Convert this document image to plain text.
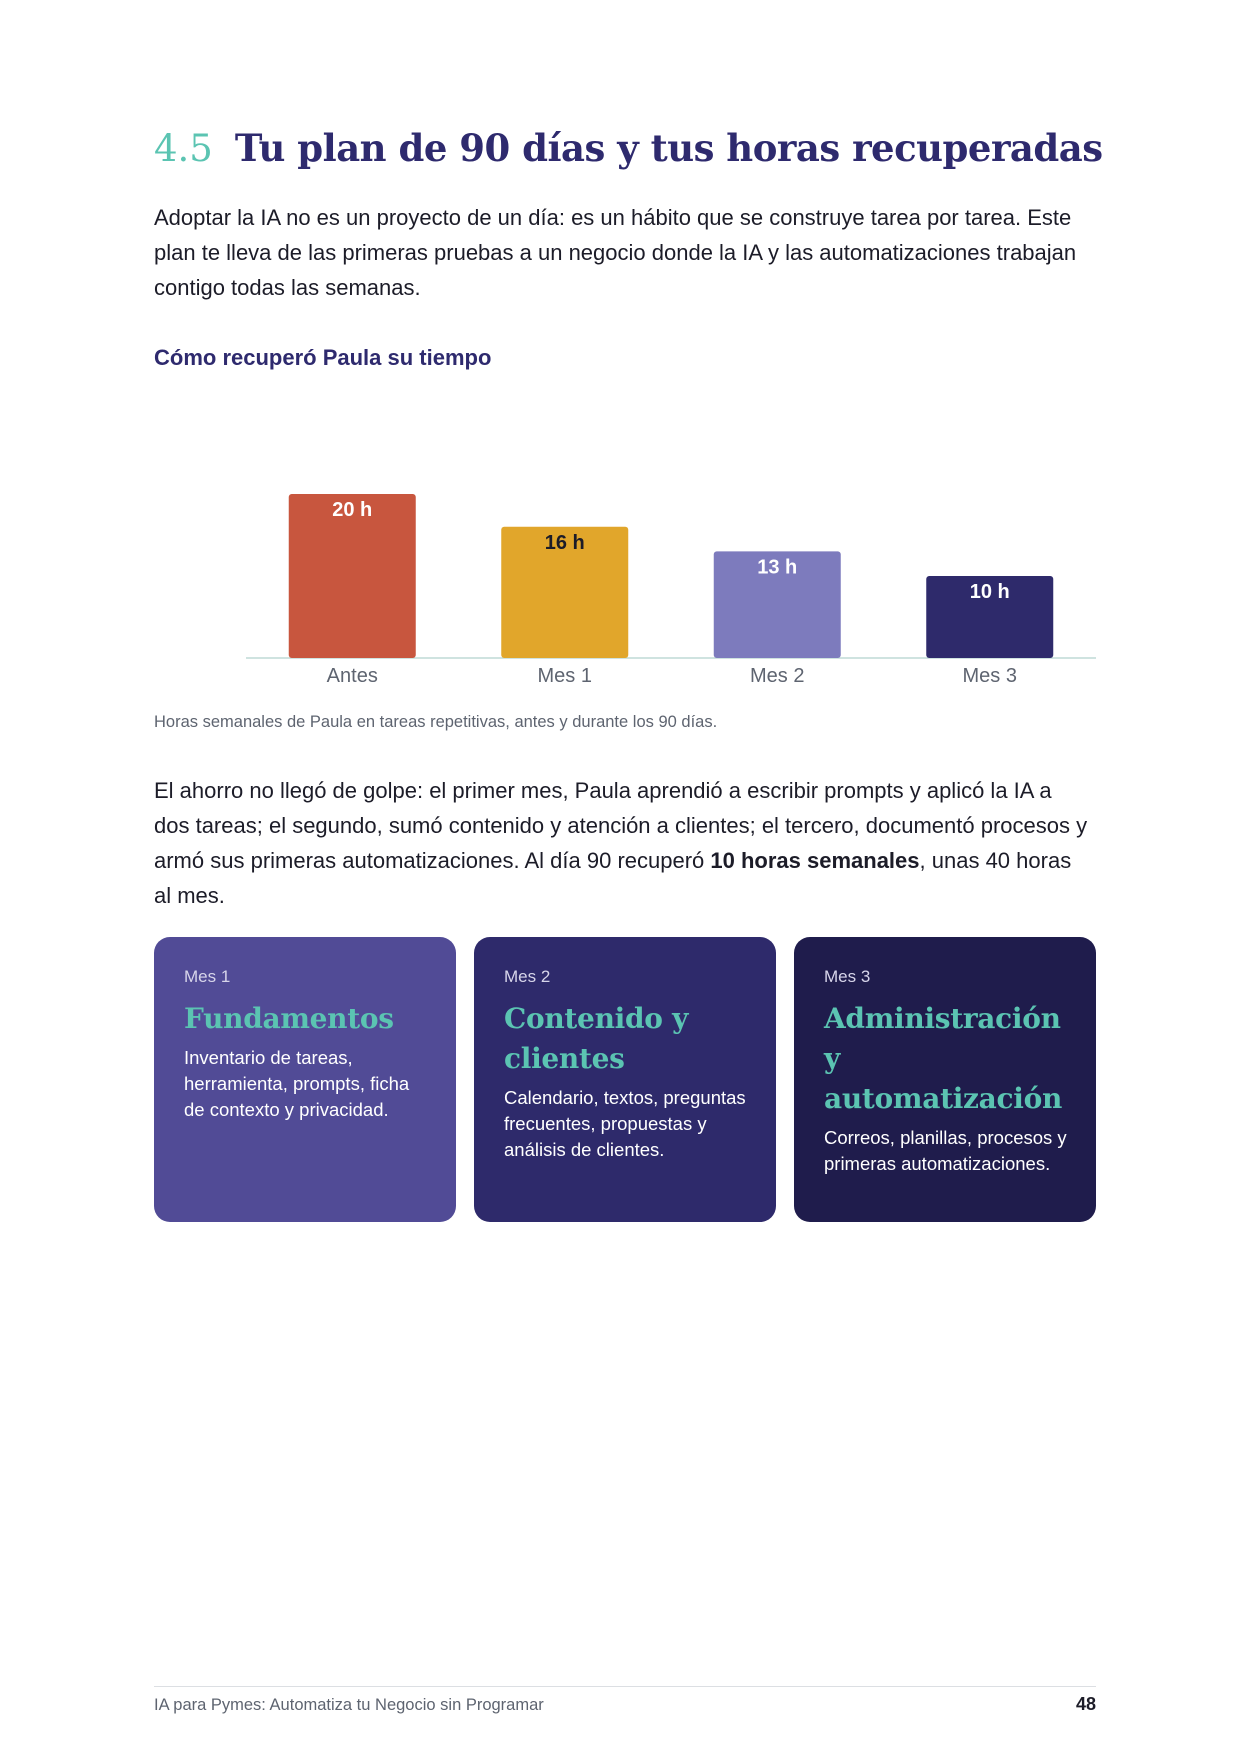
4.5 Tu plan de 90 días y tus horas recuperadas

Adoptar la IA no es un proyecto de un día: es un hábito que se construye tarea por tarea. Este plan te lleva de las primeras pruebas a un negocio donde la IA y las automatizaciones trabajan contigo todas las semanas.

Cómo recuperó Paula su tiempo
20 h
Antes
16 h
Mes 1
13 h
Mes 2
10 h
Mes 3
Horas semanales de Paula en tareas repetitivas, antes y durante los 90 días.

El ahorro no llegó de golpe: el primer mes, Paula aprendió a escribir prompts y aplicó la IA a dos tareas; el segundo, sumó contenido y atención a clientes; el tercero, documentó procesos y armó sus primeras automatizaciones. Al día 90 recuperó 10 horas semanales, unas 40 horas al mes.

Mes 1
Fundamentos
Inventario de tareas, herramienta, prompts, ficha de contexto y privacidad.
Mes 2
Contenido y clientes
Calendario, textos, preguntas frecuentes, propuestas y análisis de clientes.
Mes 3
Administración y automatización
Correos, planillas, procesos y primeras automatizaciones.
IA para Pymes: Automatiza tu Negocio sin Programar	48
